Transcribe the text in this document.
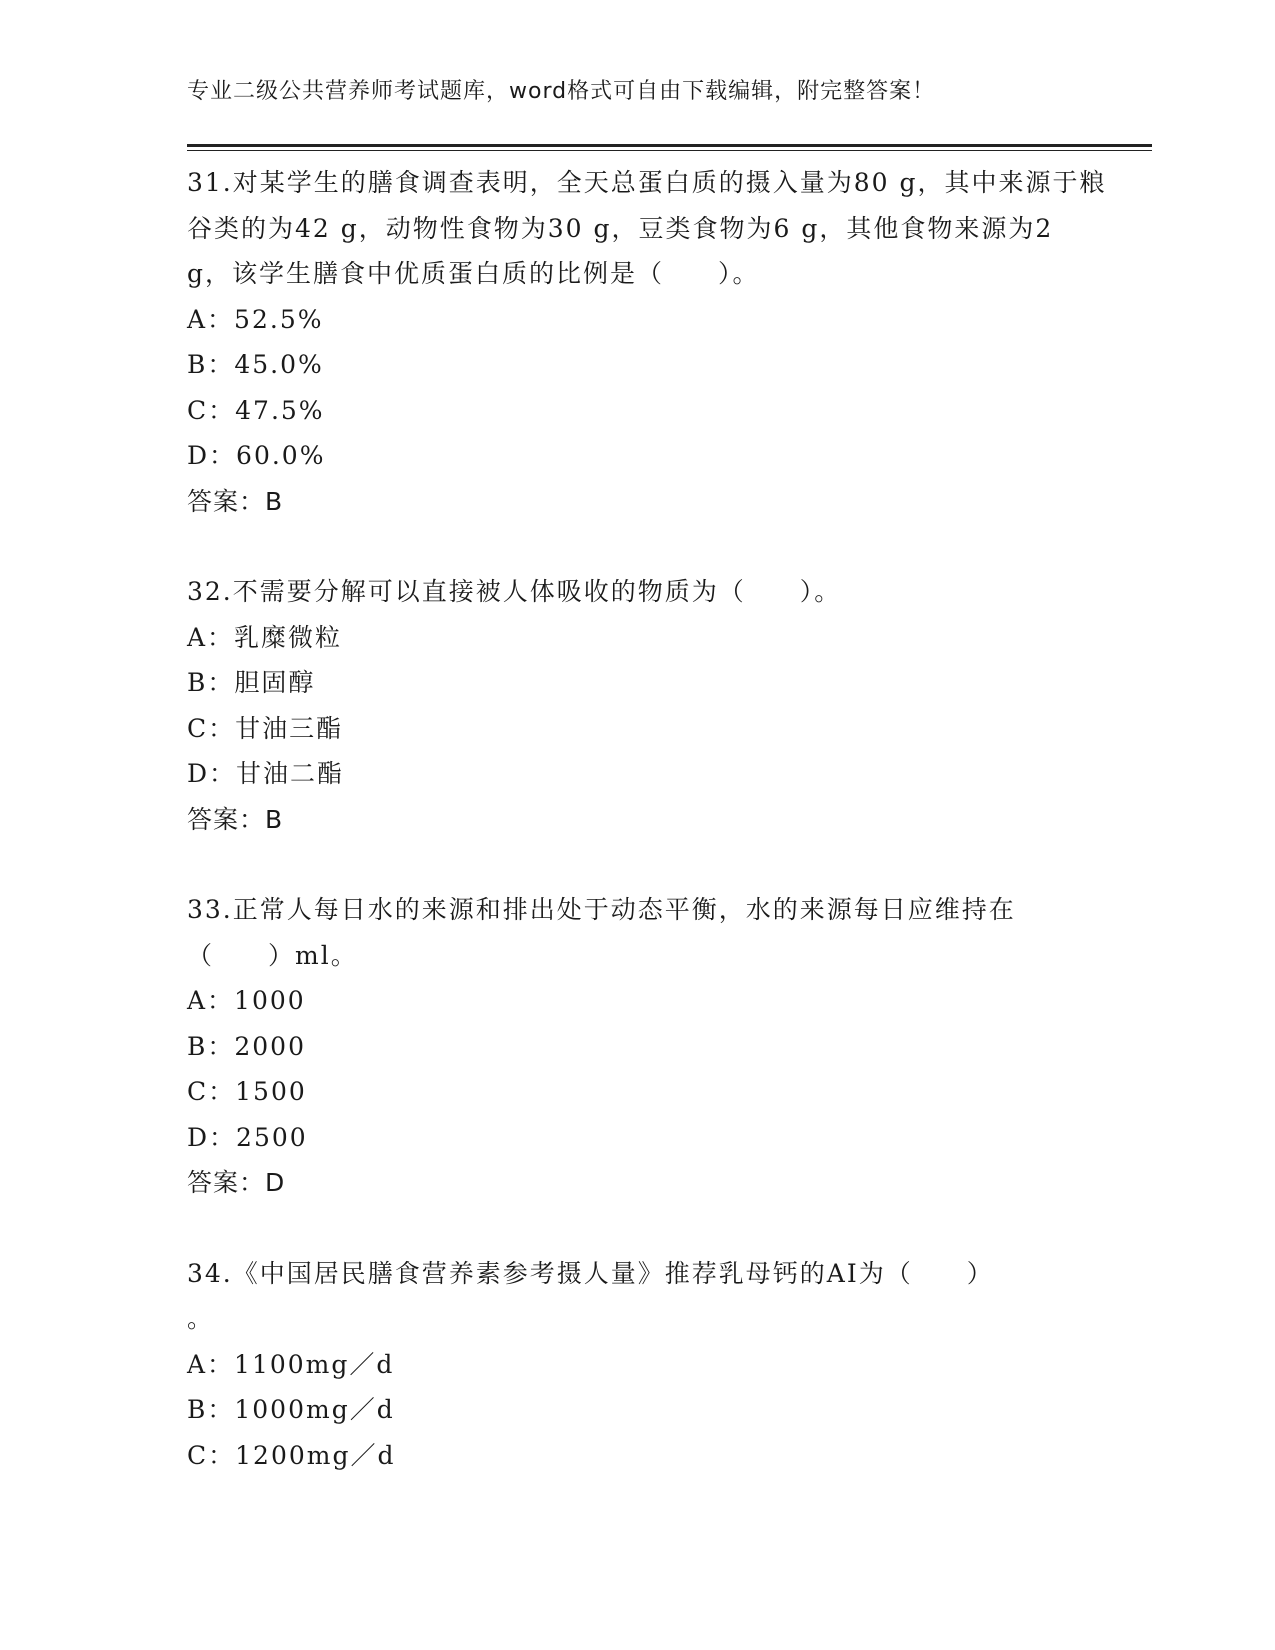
专业二级公共营养师考试题库，word格式可自由下载编辑，附完整答案！

31.对某学生的膳食调查表明，全天总蛋白质的摄入量为80 g，其中来源于粮谷类的为42 g，动物性食物为30 g，豆类食物为6 g，其他食物来源为2 g，该学生膳食中优质蛋白质的比例是（　　）。

A：52.5%

B：45.0%

C：47.5%

D：60.0%

答案：B

32.不需要分解可以直接被人体吸收的物质为（　　）。

A：乳糜微粒

B：胆固醇

C：甘油三酯

D：甘油二酯

答案：B

33.正常人每日水的来源和排出处于动态平衡，水的来源每日应维持在（　　）ml。

A：1000

B：2000

C：1500

D：2500

答案：D

34.《中国居民膳食营养素参考摄人量》推荐乳母钙的AI为（　　）
。

A：1100mg／d

B：1000mg／d

C：1200mg／d
